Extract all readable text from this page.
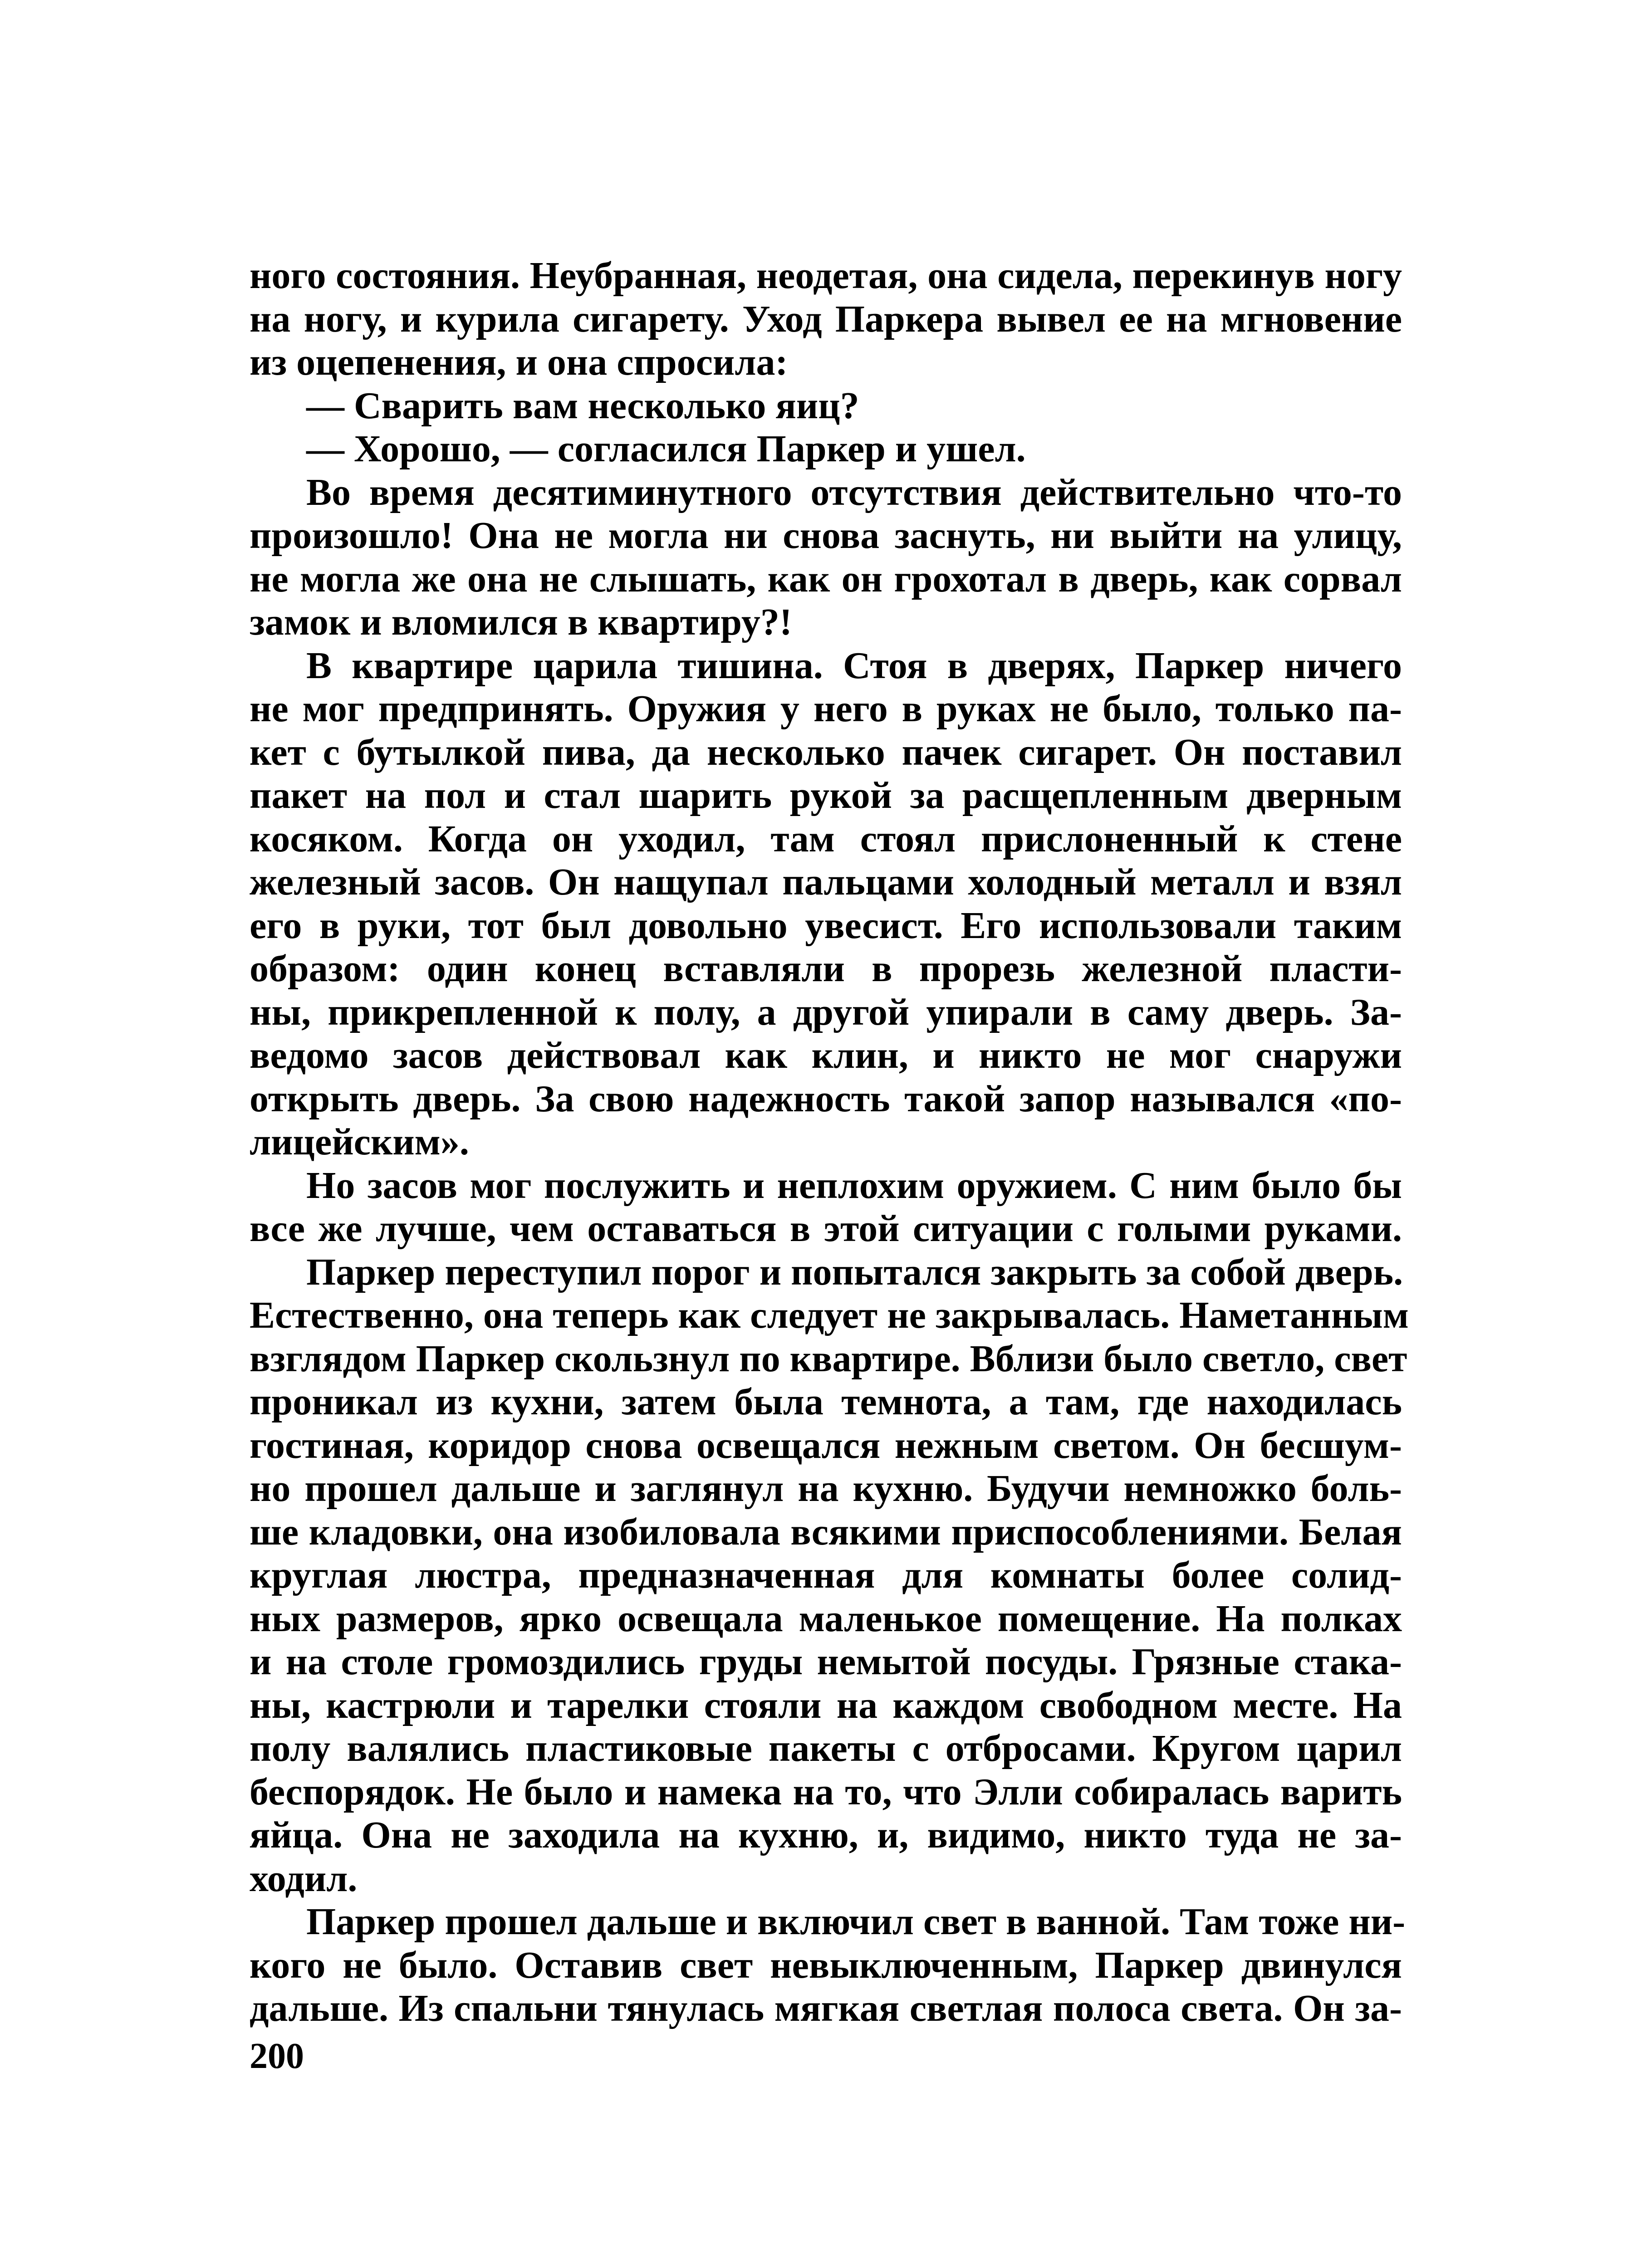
ного состояния. Неубранная, неодетая, она сидела, перекинув ногу
на ногу, и курила сигарету. Уход Паркера вывел ее на мгновение
из оцепенения, и она спросила:
— Сварить вам несколько яиц?
— Хорошо, — согласился Паркер и ушел.
Во время десятиминутного отсутствия действительно что-то
произошло! Она не могла ни снова заснуть, ни выйти на улицу,
не могла же она не слышать, как он грохотал в дверь, как сорвал
замок и вломился в квартиру?!
В квартире царила тишина. Стоя в дверях, Паркер ничего
не мог предпринять. Оружия у него в руках не было, только па-
кет с бутылкой пива, да несколько пачек сигарет. Он поставил
пакет на пол и стал шарить рукой за расщепленным дверным
косяком. Когда он уходил, там стоял прислоненный к стене
железный засов. Он нащупал пальцами холодный металл и взял
его в руки, тот был довольно увесист. Его использовали таким
образом: один конец вставляли в прорезь железной пласти-
ны, прикрепленной к полу, а другой упирали в саму дверь. За-
ведомо засов действовал как клин, и никто не мог снаружи
открыть дверь. За свою надежность такой запор назывался «по-
лицейским».
Но засов мог послужить и неплохим оружием. С ним было бы
все же лучше, чем оставаться в этой ситуации с голыми руками.
Паркер переступил порог и попытался закрыть за собой дверь.
Естественно, она теперь как следует не закрывалась. Наметанным
взглядом Паркер скользнул по квартире. Вблизи было светло, свет
проникал из кухни, затем была темнота, а там, где находилась
гостиная, коридор снова освещался нежным светом. Он бесшум-
но прошел дальше и заглянул на кухню. Будучи немножко боль-
ше кладовки, она изобиловала всякими приспособлениями. Белая
круглая люстра, предназначенная для комнаты более солид-
ных размеров, ярко освещала маленькое помещение. На полках
и на столе громоздились груды немытой посуды. Грязные стака-
ны, кастрюли и тарелки стояли на каждом свободном месте. На
полу валялись пластиковые пакеты с отбросами. Кругом царил
беспорядок. Не было и намека на то, что Элли собиралась варить
яйца. Она не заходила на кухню, и, видимо, никто туда не за-
ходил.
Паркер прошел дальше и включил свет в ванной. Там тоже ни-
кого не было. Оставив свет невыключенным, Паркер двинулся
дальше. Из спальни тянулась мягкая светлая полоса света. Он за-
200
